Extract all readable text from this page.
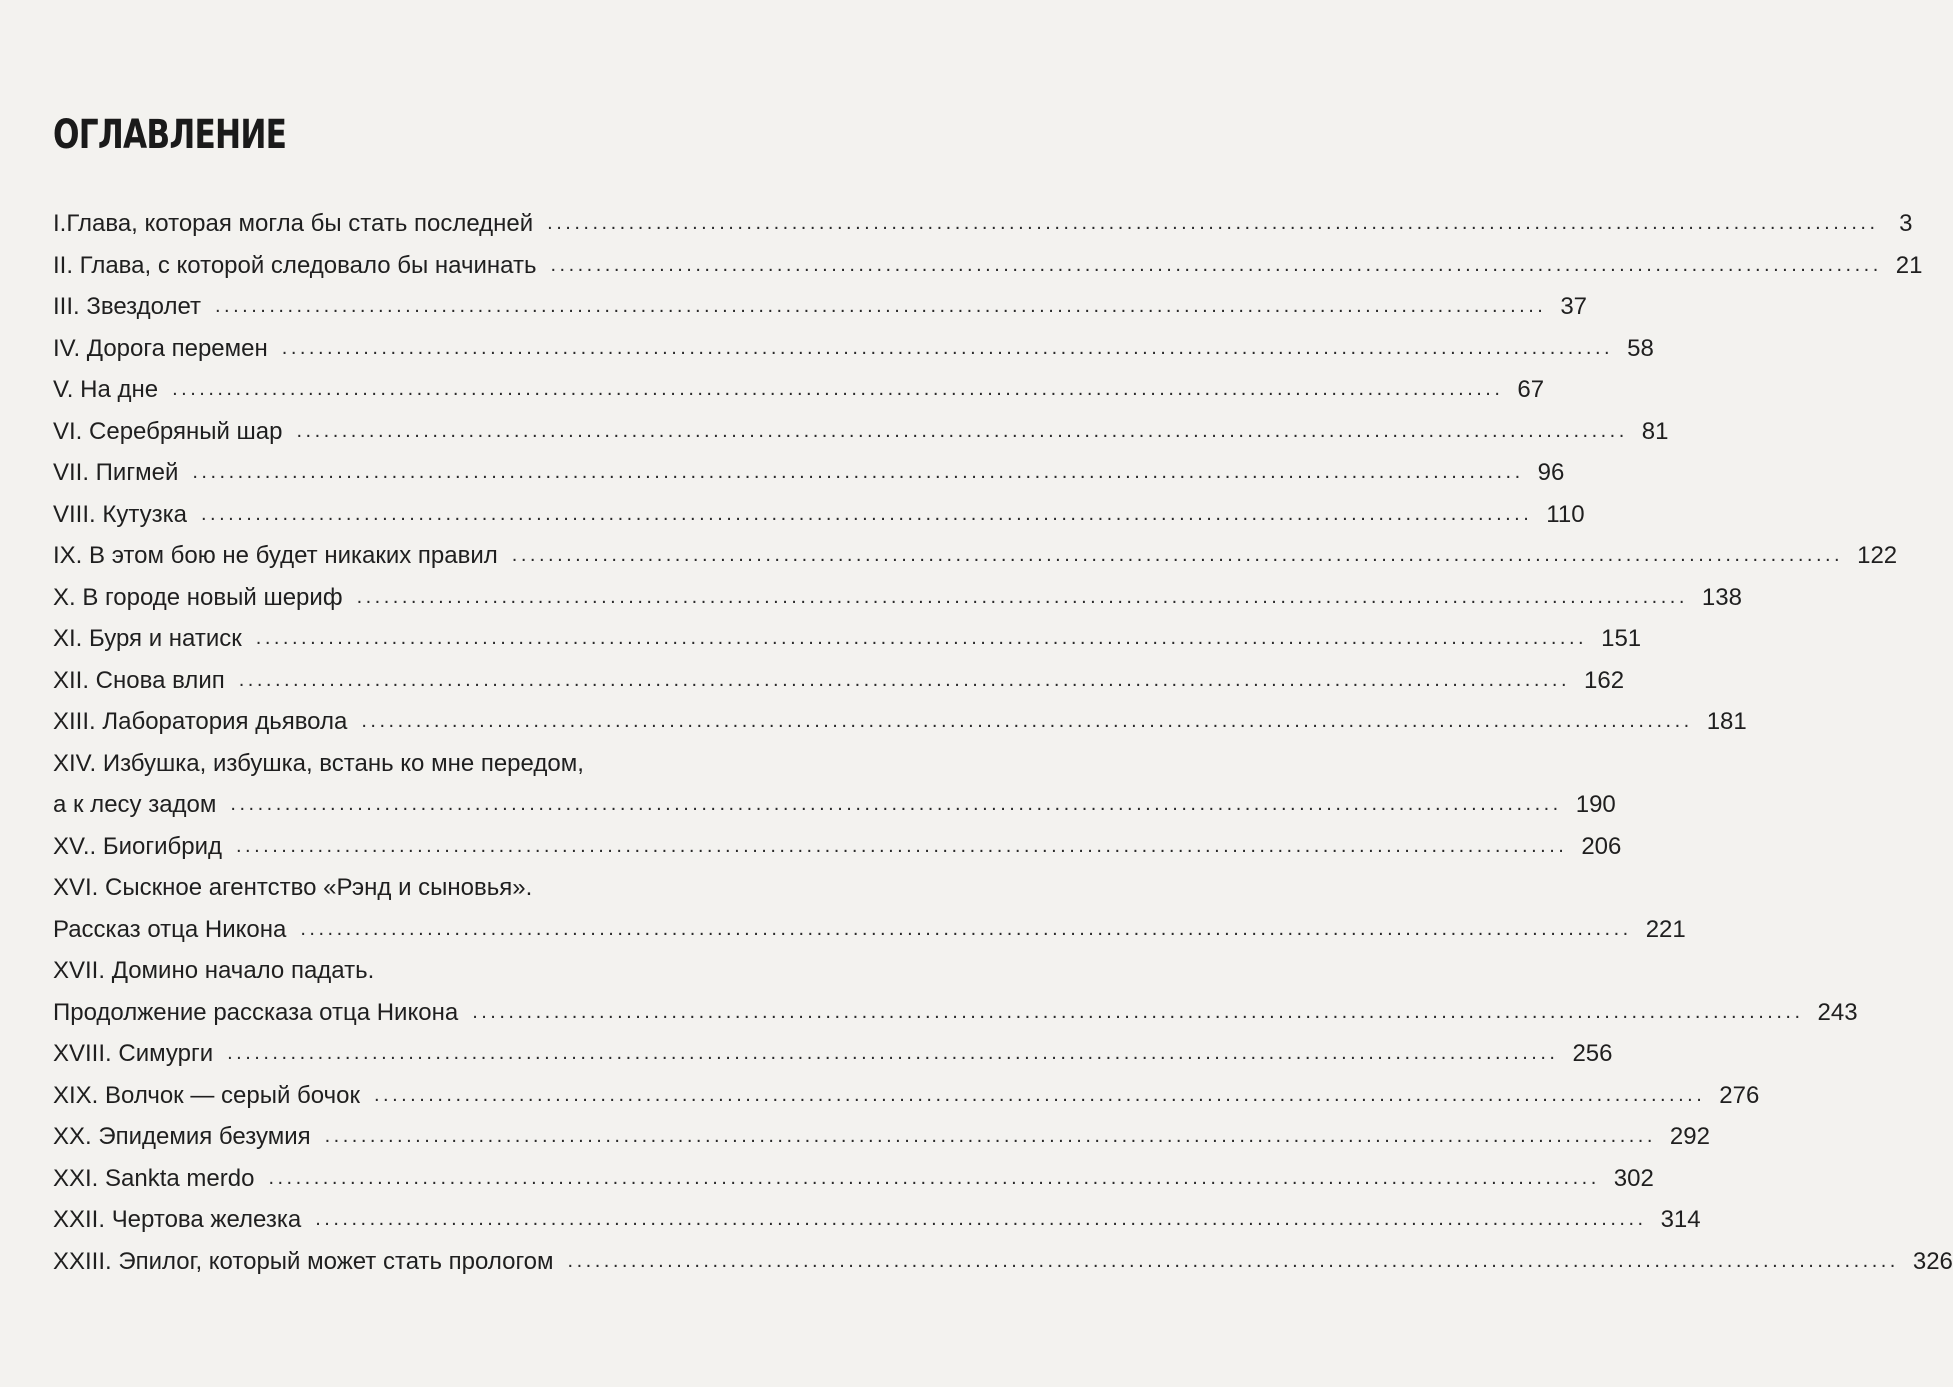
ОГЛАВЛЕНИЕ
I.Глава, которая могла бы стать последней ................................................................................................................................................... 3
II. Глава, с которой следовало бы начинать ................................................................................................................................................... 21
III. Звездолет ................................................................................................................................................... 37
IV. Дорога перемен ................................................................................................................................................... 58
V. На дне ................................................................................................................................................... 67
VI. Серебряный шар ................................................................................................................................................... 81
VII. Пигмей ................................................................................................................................................... 96
VIII. Кутузка ................................................................................................................................................... 110
IX. В этом бою не будет никаких правил ................................................................................................................................................... 122
X. В городе новый шериф ................................................................................................................................................... 138
XI. Буря и натиск ................................................................................................................................................... 151
XII. Снова влип ................................................................................................................................................... 162
XIII. Лаборатория дьявола ................................................................................................................................................... 181
XIV. Избушка, избушка, встань ко мне передом,
а к лесу задом ................................................................................................................................................... 190
XV.. Биогибрид ................................................................................................................................................... 206
XVI. Сыскное агентство «Рэнд и сыновья».
Рассказ отца Никона ................................................................................................................................................... 221
XVII. Домино начало падать.
Продолжение рассказа отца Никона ................................................................................................................................................... 243
XVIII. Симурги ................................................................................................................................................... 256
XIX. Волчок — серый бочок ................................................................................................................................................... 276
XX. Эпидемия безумия ................................................................................................................................................... 292
XXI. Sankta merdo ................................................................................................................................................... 302
XXII. Чертова железка ................................................................................................................................................... 314
XXIII. Эпилог, который может стать прологом ................................................................................................................................................... 326
